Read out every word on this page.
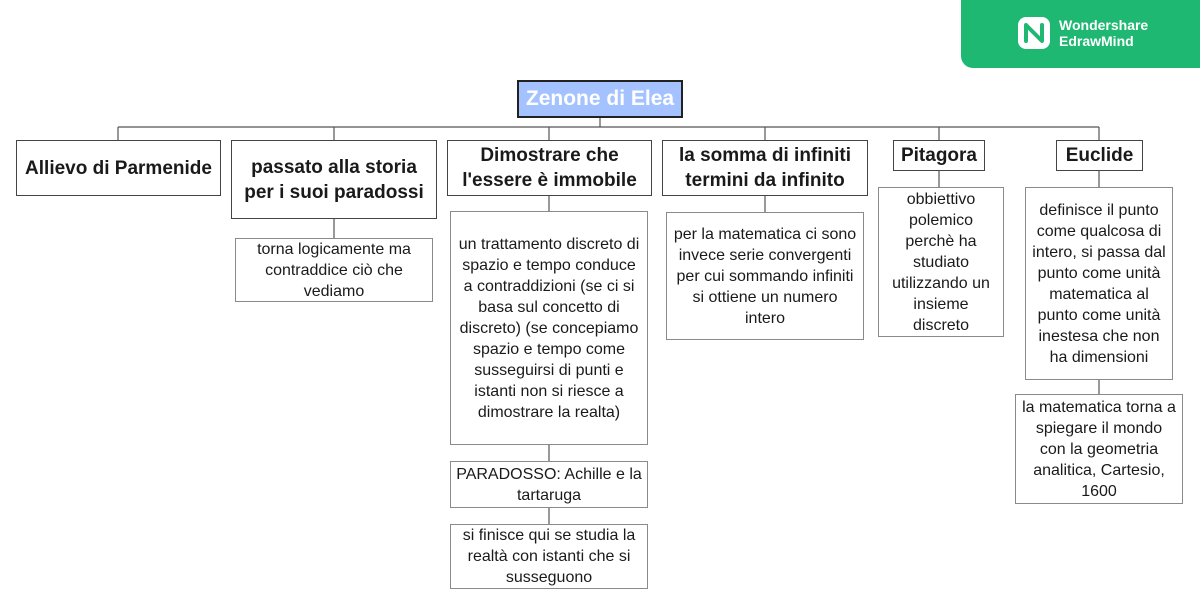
Wondershare
EdrawMind
Zenone di Elea
Allievo di Parmenide	passato alla storia per i suoi paradossi
Dimostrare che l'essere è immobile
la somma di infiniti termini da infinito
Pitagora	Euclide
torna logicamente ma contraddice ciò che vediamo
un trattamento discreto di spazio e tempo conduce a contraddizioni (se ci si basa sul concetto di discreto) (se concepiamo spazio e tempo come susseguirsi di punti e istanti non si riesce a dimostrare la realta)
PARADOSSO: Achille e la tartaruga
si finisce qui se studia la realtà con istanti che si susseguono
per la matematica ci sono invece serie convergenti per cui sommando infiniti si ottiene un numero intero
obbiettivo polemico perchè ha studiato utilizzando un insieme discreto
definisce il punto come qualcosa di intero, si passa dal punto come unità matematica al punto come unità inestesa che non ha dimensioni
la matematica torna a spiegare il mondo con la geometria analitica, Cartesio, 1600
